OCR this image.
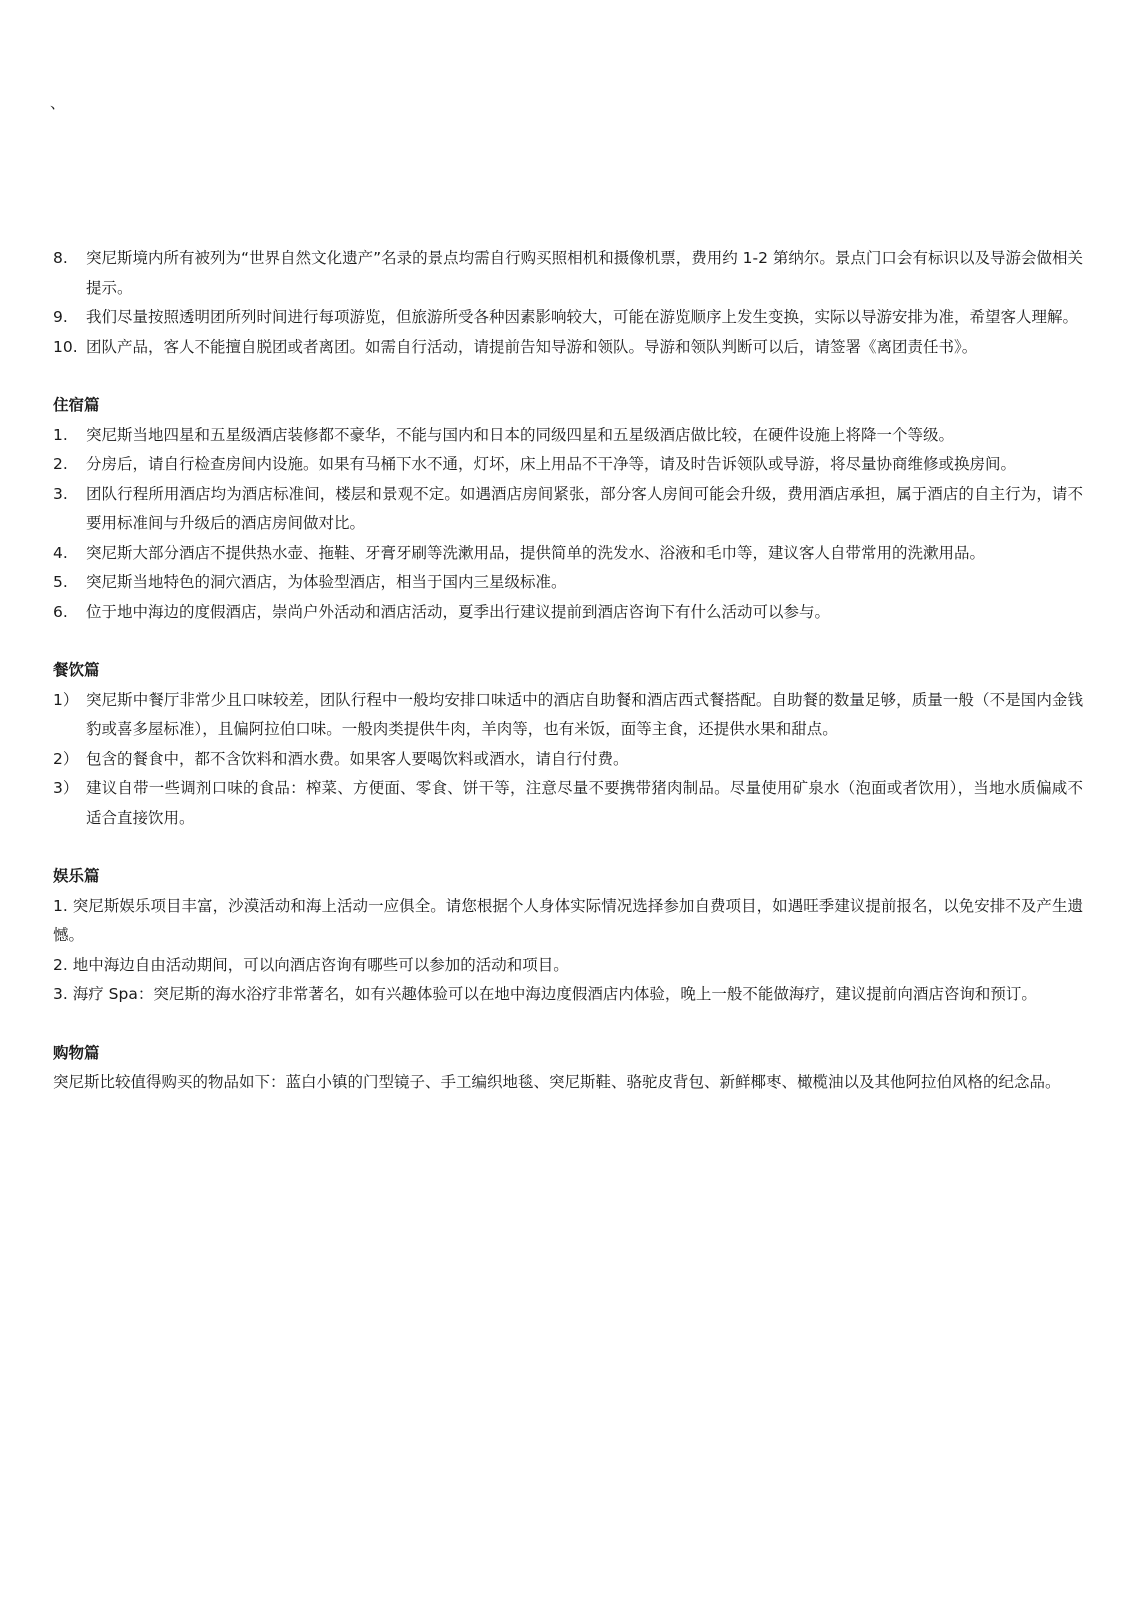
、
8. 突尼斯境内所有被列为“世界自然文化遗产”名录的景点均需自行购买照相机和摄像机票，费用约 1-2 第纳尔。景点门口会有标识以及导游会做相关提示。
9. 我们尽量按照透明团所列时间进行每项游览，但旅游所受各种因素影响较大，可能在游览顺序上发生变换，实际以导游安排为准，希望客人理解。
10. 团队产品，客人不能擅自脱团或者离团。如需自行活动，请提前告知导游和领队。导游和领队判断可以后，请签署《离团责任书》。
住宿篇
1. 突尼斯当地四星和五星级酒店装修都不豪华，不能与国内和日本的同级四星和五星级酒店做比较，在硬件设施上将降一个等级。
2. 分房后，请自行检查房间内设施。如果有马桶下水不通，灯坏，床上用品不干净等，请及时告诉领队或导游，将尽量协商维修或换房间。
3. 团队行程所用酒店均为酒店标准间，楼层和景观不定。如遇酒店房间紧张，部分客人房间可能会升级，费用酒店承担，属于酒店的自主行为，请不要用标准间与升级后的酒店房间做对比。
4. 突尼斯大部分酒店不提供热水壶、拖鞋、牙膏牙刷等洗漱用品，提供简单的洗发水、浴液和毛巾等，建议客人自带常用的洗漱用品。
5. 突尼斯当地特色的洞穴酒店，为体验型酒店，相当于国内三星级标准。
6. 位于地中海边的度假酒店，崇尚户外活动和酒店活动，夏季出行建议提前到酒店咨询下有什么活动可以参与。
餐饮篇
1） 突尼斯中餐厅非常少且口味较差，团队行程中一般均安排口味适中的酒店自助餐和酒店西式餐搭配。自助餐的数量足够，质量一般（不是国内金钱豹或喜多屋标准），且偏阿拉伯口味。一般肉类提供牛肉，羊肉等，也有米饭，面等主食，还提供水果和甜点。
2） 包含的餐食中，都不含饮料和酒水费。如果客人要喝饮料或酒水，请自行付费。
3） 建议自带一些调剂口味的食品：榨菜、方便面、零食、饼干等，注意尽量不要携带猪肉制品。尽量使用矿泉水（泡面或者饮用），当地水质偏咸不适合直接饮用。
娱乐篇

1. 突尼斯娱乐项目丰富，沙漠活动和海上活动一应俱全。请您根据个人身体实际情况选择参加自费项目，如遇旺季建议提前报名，以免安排不及产生遗憾。

2. 地中海边自由活动期间，可以向酒店咨询有哪些可以参加的活动和项目。

3. 海疗 Spa：突尼斯的海水浴疗非常著名，如有兴趣体验可以在地中海边度假酒店内体验，晚上一般不能做海疗，建议提前向酒店咨询和预订。

购物篇

突尼斯比较值得购买的物品如下：蓝白小镇的门型镜子、手工编织地毯、突尼斯鞋、骆驼皮背包、新鲜椰枣、橄榄油以及其他阿拉伯风格的纪念品。
